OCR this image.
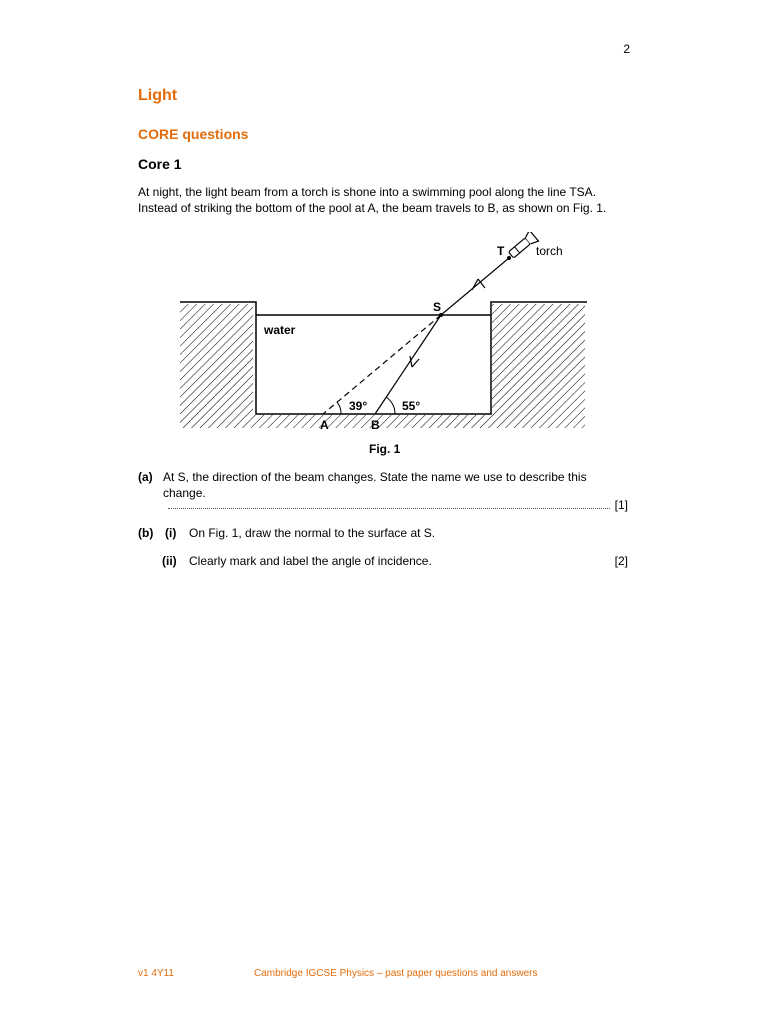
2
Light
CORE questions
Core 1

At night, the light beam from a torch is shone into a swimming pool along the line TSA.

Instead of striking the bottom of the pool at A, the beam travels to B, as shown on Fig. 1.

T	torch
S
water
39°	55°
A	B
Fig. 1
(a) At S, the direction of the beam changes. State the name we use to describe this change.
[1]
(b) (i) On Fig. 1, draw the normal to the surface at S.
(ii) Clearly mark and label the angle of incidence.	[2]
v1 4Y11	Cambridge IGCSE Physics – past paper questions and answers
